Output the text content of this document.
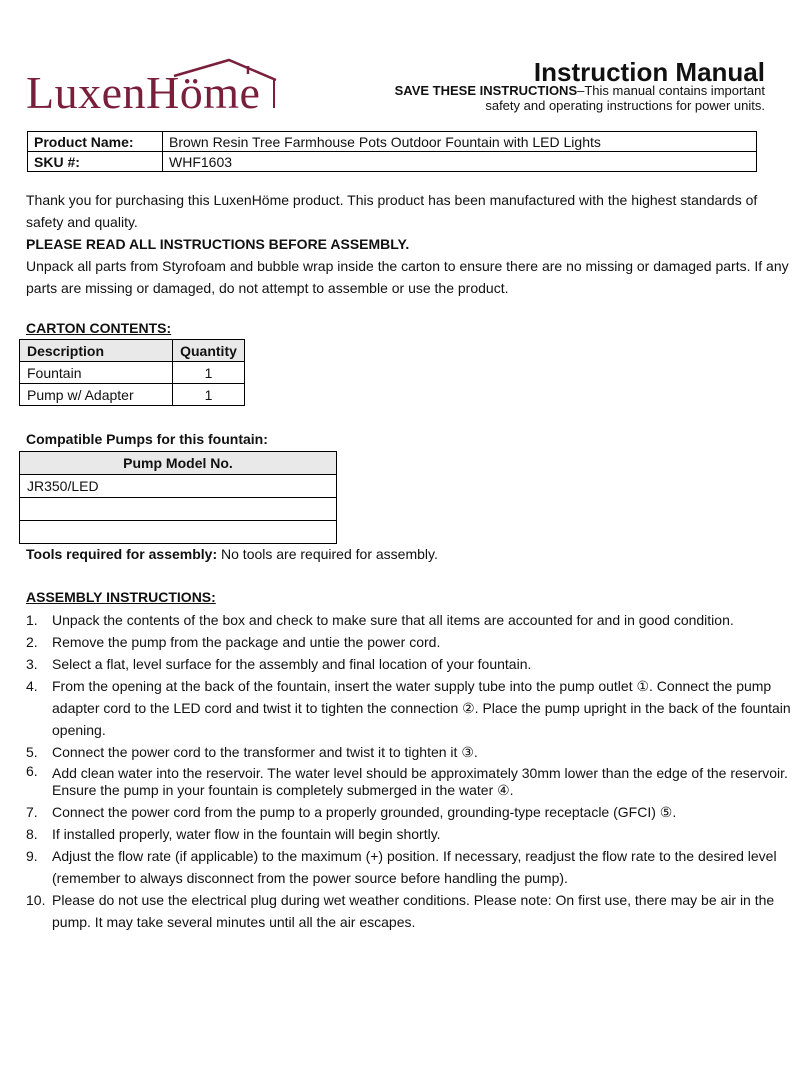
LuxenHöme	Instruction Manual
SAVE THESE INSTRUCTIONS–This manual contains important safety and operating instructions for power units.
Product Name:	Brown Resin Tree Farmhouse Pots Outdoor Fountain with LED Lights
SKU #:	WHF1603
Thank you for purchasing this LuxenHöme product. This product has been manufactured with the highest standards of safety and quality.
PLEASE READ ALL INSTRUCTIONS BEFORE ASSEMBLY.
Unpack all parts from Styrofoam and bubble wrap inside the carton to ensure there are no missing or damaged parts. If any parts are missing or damaged, do not attempt to assemble or use the product.
CARTON CONTENTS:
Description	Quantity
Fountain	1
Pump w/ Adapter	1
Compatible Pumps for this fountain:
Pump Model No.
JR350/LED

Tools required for assembly: No tools are required for assembly.
ASSEMBLY INSTRUCTIONS:
1. Unpack the contents of the box and check to make sure that all items are accounted for and in good condition.
2. Remove the pump from the package and untie the power cord.
3. Select a flat, level surface for the assembly and final location of your fountain.
4. From the opening at the back of the fountain, insert the water supply tube into the pump outlet ①. Connect the pump adapter cord to the LED cord and twist it to tighten the connection ②. Place the pump upright in the back of the fountain opening.
5. Connect the power cord to the transformer and twist it to tighten it ③.
6. Add clean water into the reservoir. The water level should be approximately 30mm lower than the edge of the reservoir. Ensure the pump in your fountain is completely submerged in the water ④.
7. Connect the power cord from the pump to a properly grounded, grounding-type receptacle (GFCI) ⑤.
8. If installed properly, water flow in the fountain will begin shortly.
9. Adjust the flow rate (if applicable) to the maximum (+) position. If necessary, readjust the flow rate to the desired level (remember to always disconnect from the power source before handling the pump).
10. Please do not use the electrical plug during wet weather conditions. Please note: On first use, there may be air in the pump. It may take several minutes until all the air escapes.
